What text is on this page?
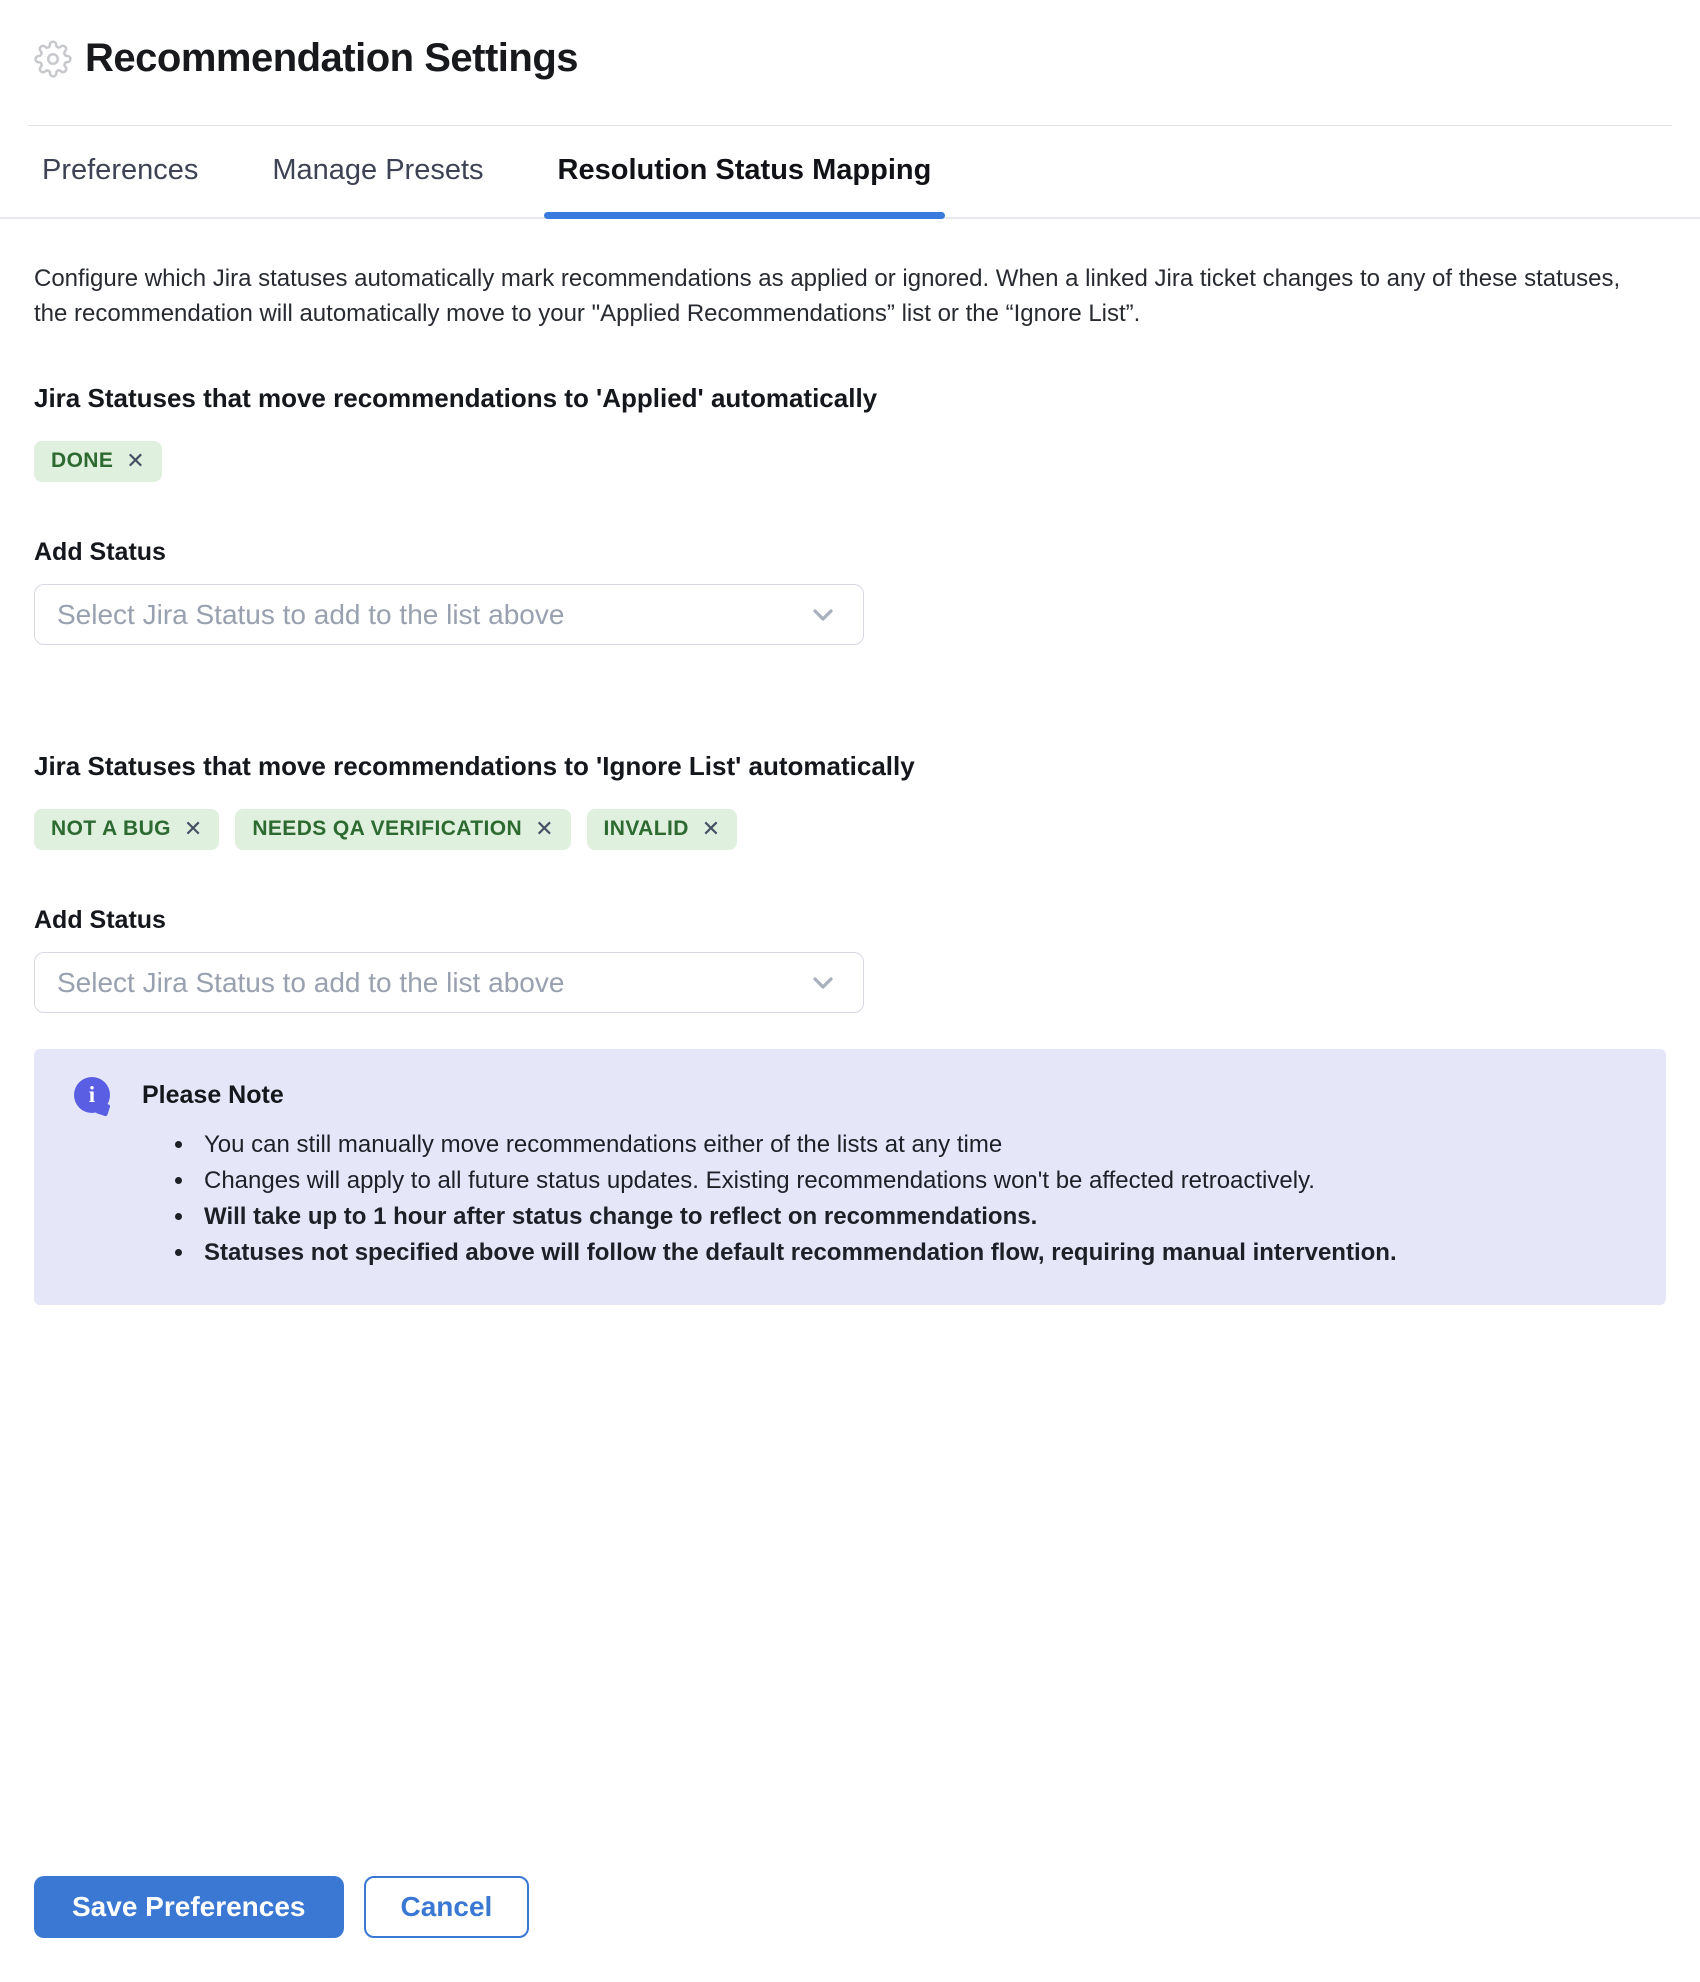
Recommendation Settings
Preferences	Manage Presets	Resolution Status Mapping

Configure which Jira statuses automatically mark recommendations as applied or ignored. When a linked Jira ticket changes to any of these statuses, the recommendation will automatically move to your "Applied Recommendations” list or the “Ignore List”.

Jira Statuses that move recommendations to 'Applied' automatically
DONE ✕
Add Status
Select Jira Status to add to the list above
Jira Statuses that move recommendations to 'Ignore List' automatically
NOT A BUG ✕ NEEDS QA VERIFICATION ✕ INVALID ✕
Add Status
Select Jira Status to add to the list above
i Please Note
• You can still manually move recommendations either of the lists at any time
• Changes will apply to all future status updates. Existing recommendations won't be affected retroactively.
• Will take up to 1 hour after status change to reflect on recommendations.
• Statuses not specified above will follow the default recommendation flow, requiring manual intervention.
Save Preferences	Cancel
